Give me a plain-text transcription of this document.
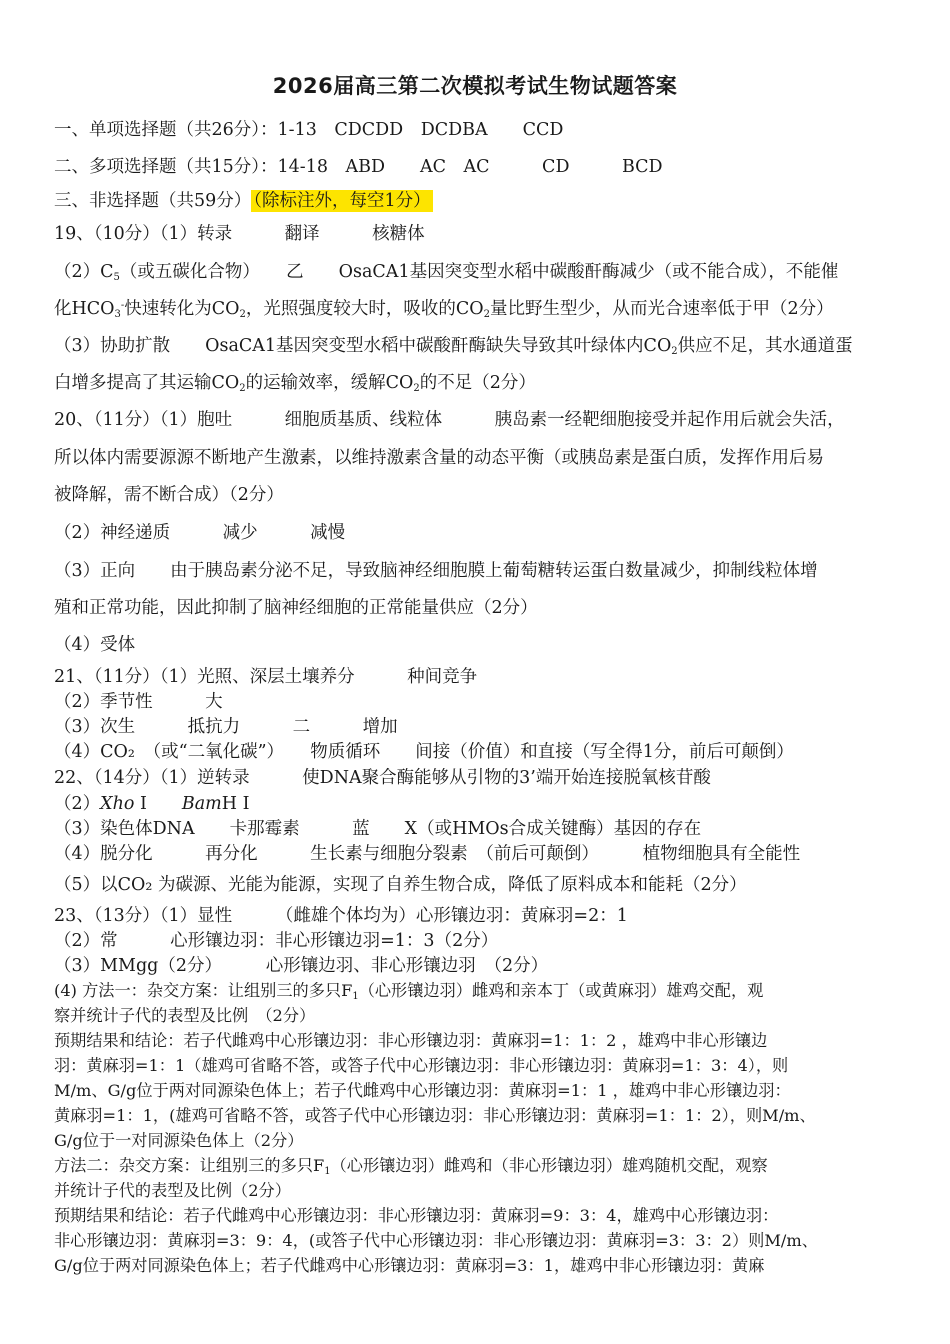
2026届高三第二次模拟考试生物试题答案
一、单项选择题（共26分）：1-13　CDCDD　DCDBA　　CCD
二、多项选择题（共15分）：14-18　ABD　　AC　AC　　　CD　　　BCD
三、非选择题（共59分） （除标注外，每空1分）
19、（10分）（1）转录　　　翻译　　　核糖体
$(2)C_5$（或五碳化合物）　　乙　　OsaCA1基因突变型水稻中碳酸酐酶减少（或不能合成），不能催
化$HCO_3^-$快速转化为$CO_2$，光照强度较大时，吸收的$CO_2$量比野生型少，从而光合速率低于甲（2分）
（3）协助扩散　　OsaCA1基因突变型水稻中碳酸酐酶缺失导致其叶绿体内$CO_2$供应不足，其水通道蛋
白增多提高了其运输$CO_2$的运输效率，缓解$CO_2$的不足（2分）
20、（11分）（1）胞吐　　　细胞质基质、线粒体　　　胰岛素一经靶细胞接受并起作用后就会失活，
所以体内需要源源不断地产生激素，以维持激素含量的动态平衡（或胰岛素是蛋白质，发挥作用后易
被降解，需不断合成）（2分）
（2）神经递质　　　减少　　　减慢
（3）正向　　由于胰岛素分泌不足，导致脑神经细胞膜上葡萄糖转运蛋白数量减少，抑制线粒体增
殖和正常功能，因此抑制了脑神经细胞的正常能量供应（2分）
（4）受体
21、（11分）（1）光照、深层土壤养分　　　种间竞争
（2）季节性　　　大
（3）次生　　　抵抗力　　　二　　　增加
（4）CO₂　（或“二氧化碳”）　　物质循环　　间接（价值）和直接（写全得1分，前后可颠倒）
22、（14分）（1）逆转录　　　使DNA聚合酶能够从引物的3’端开始连接脱氧核苷酸
（2）Xho I　　BamH I
（3）染色体DNA　　卡那霉素　　　蓝　　X（或HMOs合成关键酶）基因的存在
（4）脱分化　　　再分化　　　生长素与细胞分裂素　（前后可颠倒）　　　植物细胞具有全能性
（5）以CO₂ 为碳源、光能为能源，实现了自养生物合成，降低了原料成本和能耗（2分）
23、（13分）（1）显性　　　（雌雄个体均为）心形镶边羽：黄麻羽=2：1
（2）常　　　心形镶边羽：非心形镶边羽=1：3（2分）
（3）MMgg（2分）　　　心形镶边羽、非心形镶边羽　（2分）
(4) 方法一：杂交方案：让组别三的多只$F_1$（心形镶边羽）雌鸡和亲本丁（或黄麻羽）雄鸡交配，观
察并统计子代的表型及比例　（2分）
预期结果和结论：若子代雌鸡中心形镶边羽：非心形镶边羽：黄麻羽=1：1：2 ，雄鸡中非心形镶边
羽：黄麻羽=1：1（雄鸡可省略不答，或答子代中心形镶边羽：非心形镶边羽：黄麻羽=1：3：4），则
M/m、G/g位于两对同源染色体上；若子代雌鸡中心形镶边羽：黄麻羽=1：1 ，雄鸡中非心形镶边羽：
黄麻羽=1：1，(雄鸡可省略不答，或答子代中心形镶边羽：非心形镶边羽：黄麻羽=1：1：2），则M/m、
G/g位于一对同源染色体上（2分）
方法二：杂交方案：让组别三的多只$F_1$（心形镶边羽）雌鸡和（非心形镶边羽）雄鸡随机交配，观察
并统计子代的表型及比例（2分）
预期结果和结论：若子代雌鸡中心形镶边羽：非心形镶边羽：黄麻羽=9：3：4，雄鸡中心形镶边羽：
非心形镶边羽：黄麻羽=3：9：4，(或答子代中心形镶边羽：非心形镶边羽：黄麻羽=3：3：2）则M/m、
G/g位于两对同源染色体上；若子代雌鸡中心形镶边羽：黄麻羽=3：1，雄鸡中非心形镶边羽：黄麻
